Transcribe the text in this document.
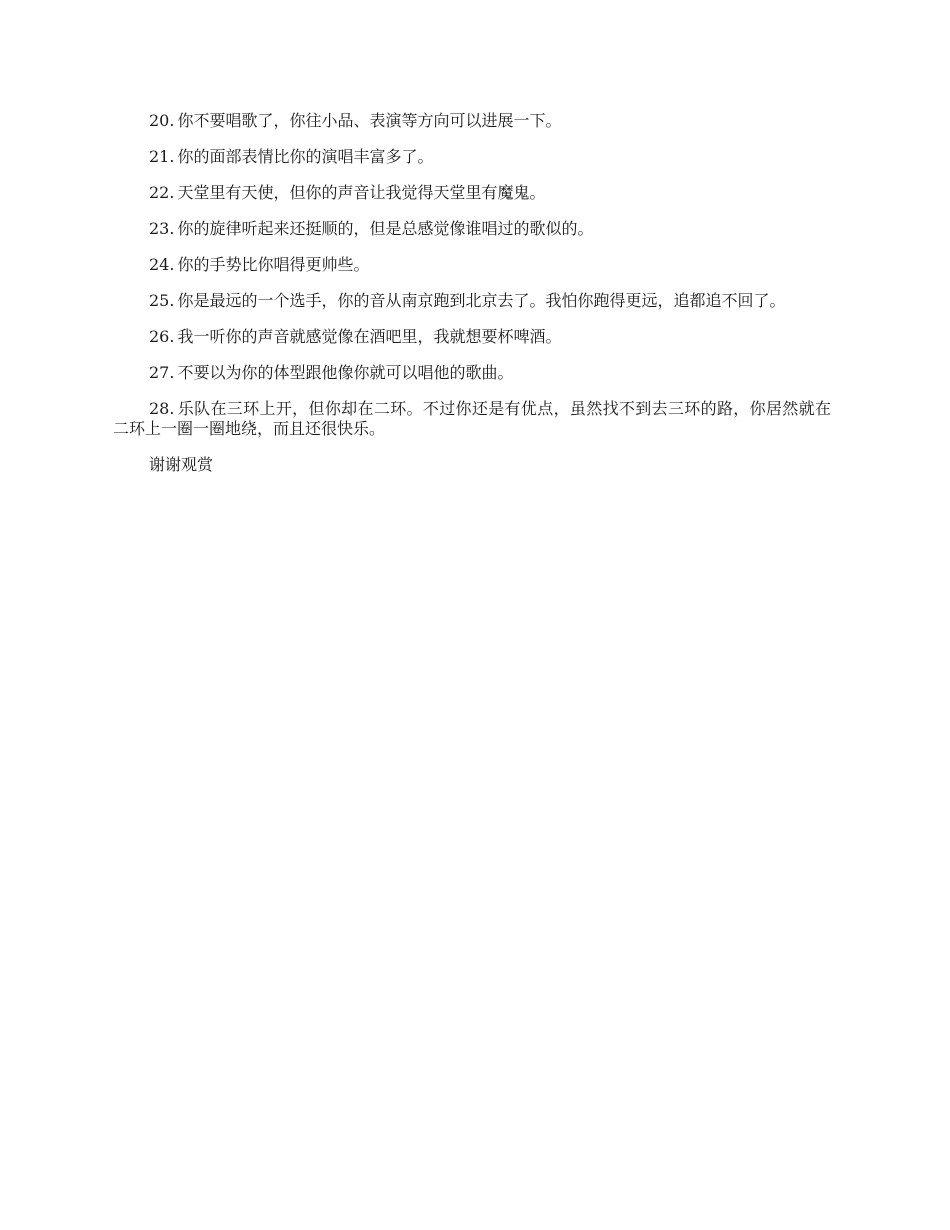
20. 你不要唱歌了，你往小品、表演等方向可以进展一下。

21. 你的面部表情比你的演唱丰富多了。

22. 天堂里有天使，但你的声音让我觉得天堂里有魔鬼。

23. 你的旋律听起来还挺顺的，但是总感觉像谁唱过的歌似的。

24. 你的手势比你唱得更帅些。

25. 你是最远的一个选手，你的音从南京跑到北京去了。我怕你跑得更远，追都追不回了。

26. 我一听你的声音就感觉像在酒吧里，我就想要杯啤酒。

27. 不要以为你的体型跟他像你就可以唱他的歌曲。

28. 乐队在三环上开，但你却在二环。不过你还是有优点，虽然找不到去三环的路，你居然就在二环上一圈一圈地绕，而且还很快乐。

谢谢观赏
